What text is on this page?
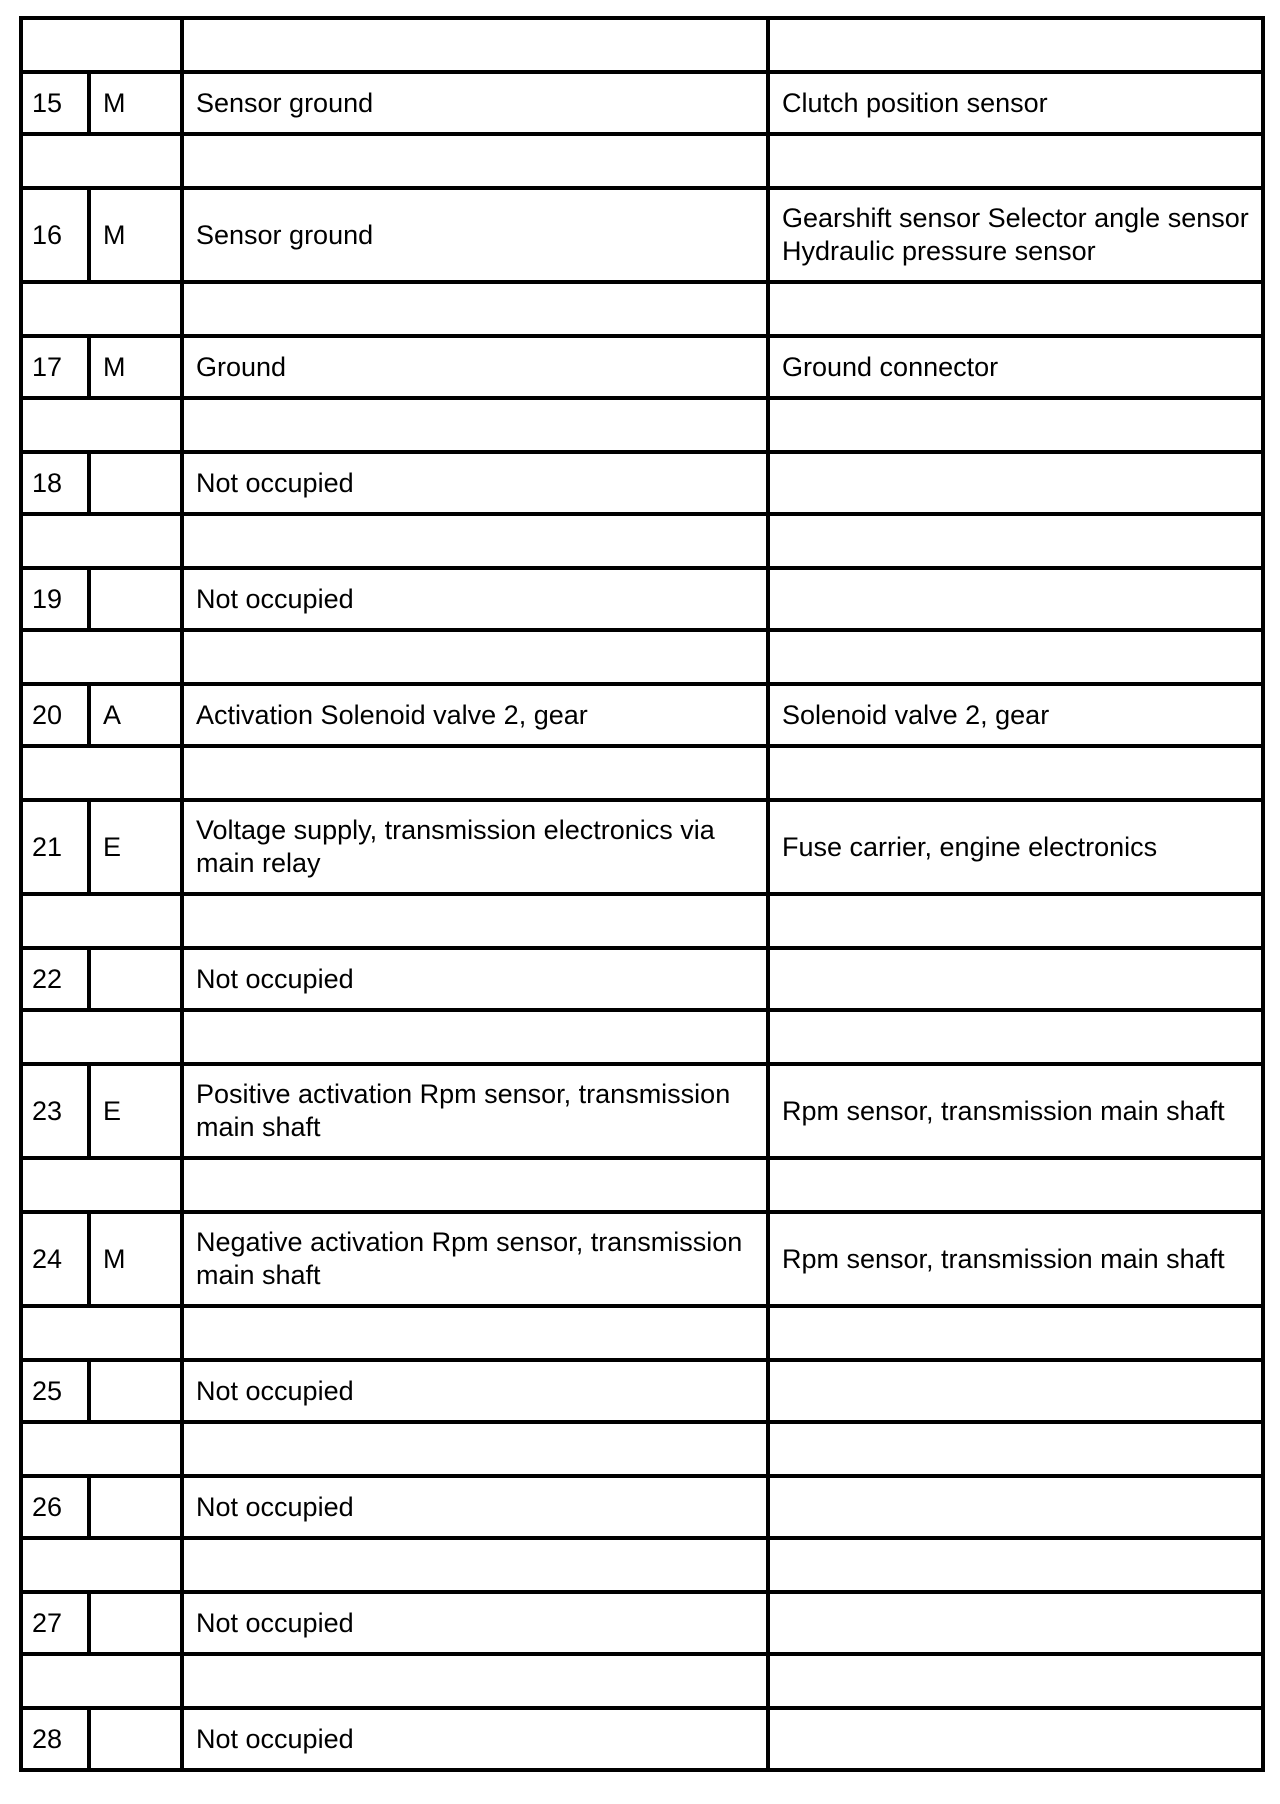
15	M	Sensor ground	Clutch position sensor

16	M	Sensor ground	Gearshift sensor Selector angle sensor Hydraulic pressure sensor

17	M	Ground	Ground connector

18		Not occupied	

19		Not occupied	

20	A	Activation Solenoid valve 2, gear	Solenoid valve 2, gear

21	E	Voltage supply, transmission electronics via main relay	Fuse carrier, engine electronics

22		Not occupied	

23	E	Positive activation Rpm sensor, transmission main shaft	Rpm sensor, transmission main shaft

24	M	Negative activation Rpm sensor, transmission main shaft	Rpm sensor, transmission main shaft

25		Not occupied	

26		Not occupied	

27		Not occupied	

28		Not occupied	
